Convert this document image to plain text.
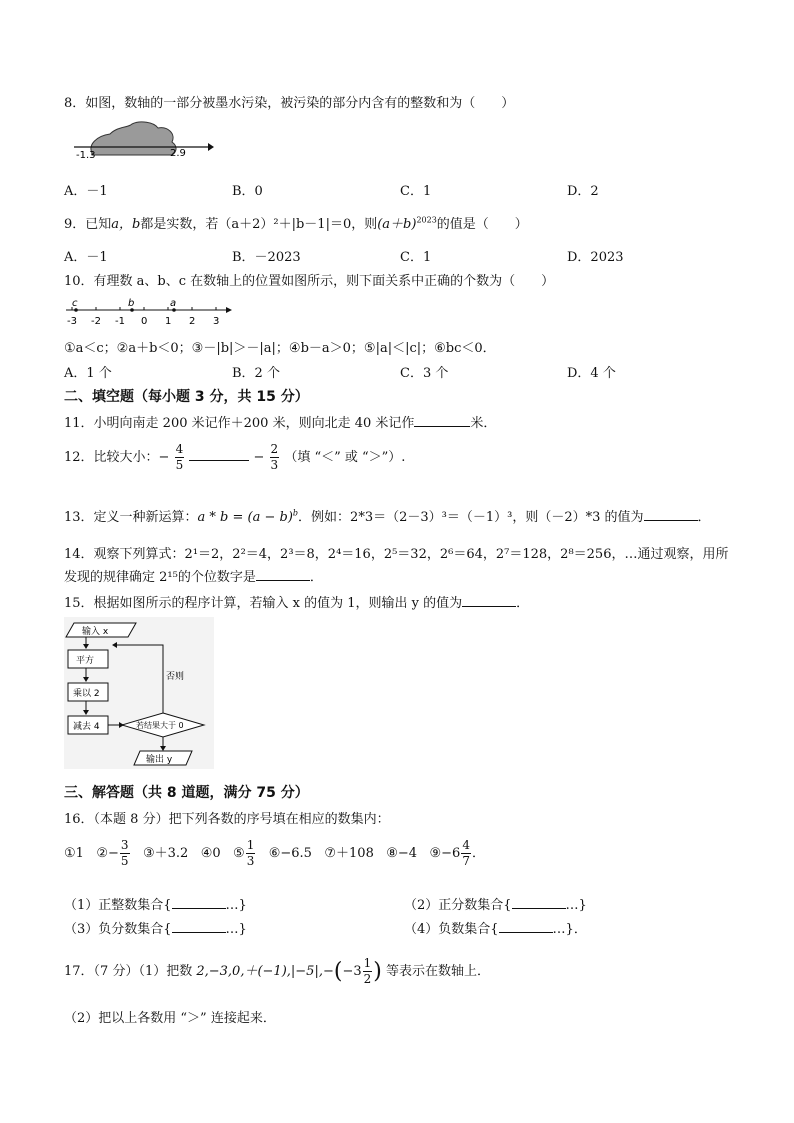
8．如图，数轴的一部分被墨水污染，被污染的部分内含有的整数和为（　　）
-1.3	2.9
A．－1	B．0	C．1	D．2
9．已知a，b都是实数，若（a＋2）²＋|b－1|＝0，则$(a+b)^{2023}$的值是（　　）
A．－1	B．－2023	C．1	D．2023
10．有理数 a、b、c 在数轴上的位置如图所示，则下面关系中正确的个数为（　　）
-3 -2 -1 0 1 2 3
c	b	a
①a＜c；②a＋b＜0；③－|b|＞－|a|；④b－a＞0；⑤|a|＜|c|；⑥bc＜0．
A．1 个	B．2 个	C．3 个	D．4 个
二、填空题（每小题 3 分，共 15 分）
11．小明向南走 200 米记作＋200 米，则向北走 40 米记作	米．
12．比较大小：− $\frac{4}{5}$	− $\frac{2}{3}$ （填 “＜” 或 “＞”）.
13．定义一种新运算：$a * b = (a - b)^b$．例如：2*3＝（2－3）³＝（－1）³，则（－2）*3 的值为	．
14．观察下列算式：2¹＝2，2²＝4，2³＝8，2⁴＝16，2⁵＝32，2⁶＝64，2⁷＝128，2⁸＝256，…通过观察，用所
发现的规律确定 2¹⁵的个位数字是	．
15．根据如图所示的程序计算，若输入 x 的值为 1，则输出 y 的值为	．
输入 x
平方
乘以 2
减去 4	若结果大于 0
否则
输出 y
三、解答题（共 8 道题，满分 75 分）
16．（本题 8 分）把下列各数的序号填在相应的数集内：
①1 ②− $\frac{3}{5}$ ③＋3.2 ④0 ⑤ $\frac{1}{3}$ ⑥−6.5 ⑦＋108 ⑧−4 ⑨−6 $\frac{4}{7}$ ．
（1）正整数集合{	…}	（2）正分数集合{	…}
（3）负分数集合{	…}	（4）负数集合{	…}．
17．（7 分）（1）把数 $2,-3,0,+(-1),|-5|,-(-3 \frac{1}{2}$ ) 等表示在数轴上．
（2）把以上各数用 “＞” 连接起来．
